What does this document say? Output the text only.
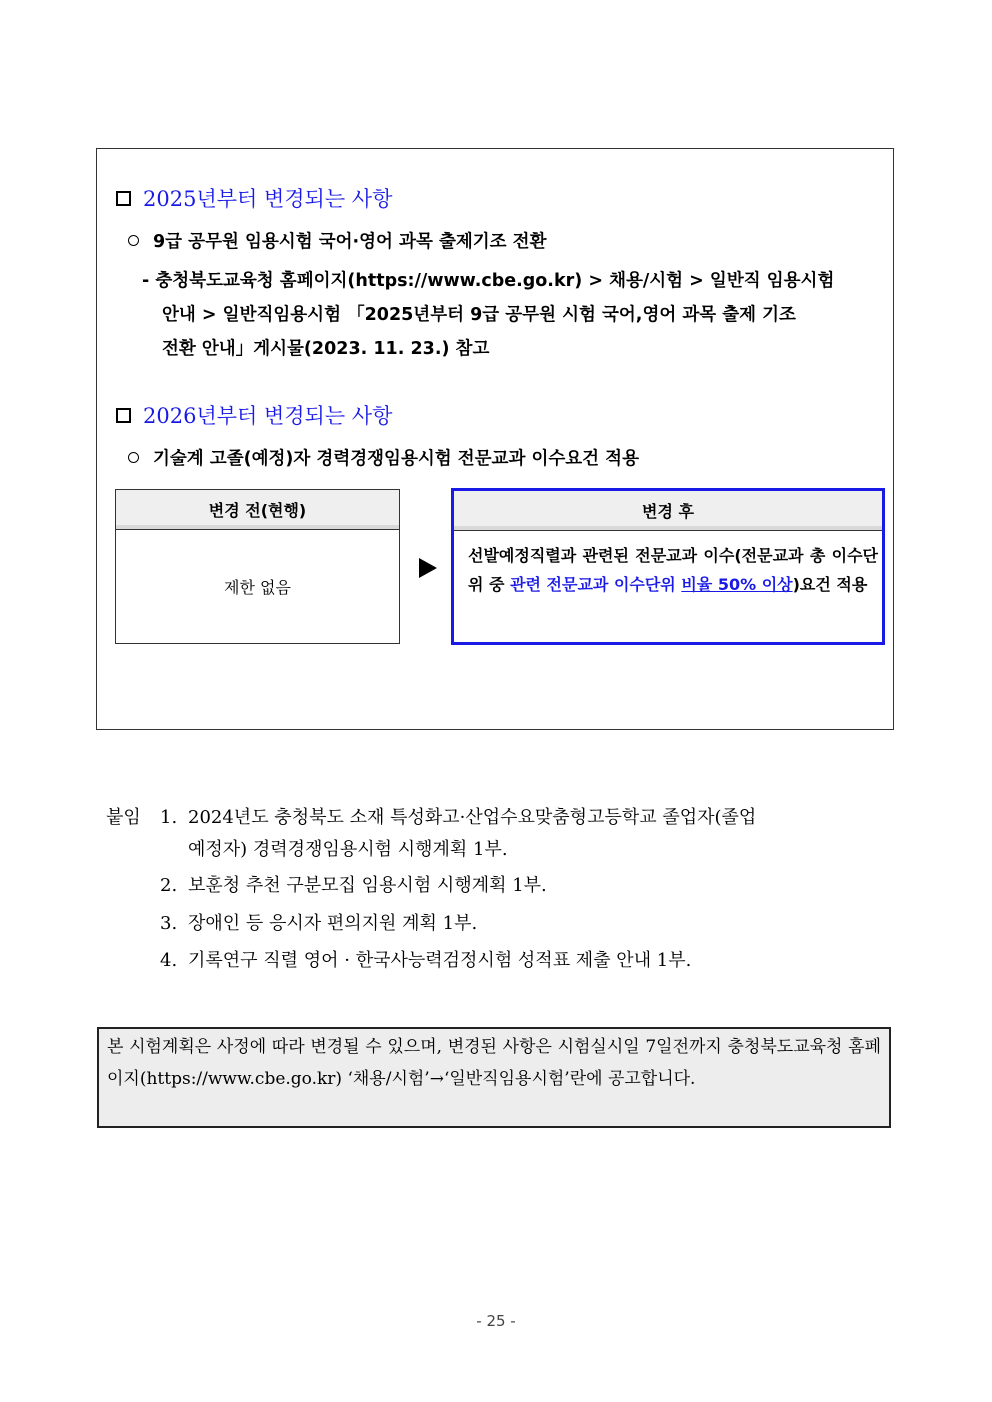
2025년부터 변경되는 사항
9급 공무원 임용시험 국어·영어 과목 출제기조 전환
- 충청북도교육청 홈페이지(https://www.cbe.go.kr) > 채용/시험 > 일반직 임용시험
안내 > 일반직임용시험 「2025년부터 9급 공무원 시험 국어,영어 과목 출제 기조
전환 안내」게시물(2023. 11. 23.) 참고
2026년부터 변경되는 사항
기술계 고졸(예정)자 경력경쟁임용시험 전문교과 이수요건 적용
변경 전(현행)
제한 없음
변경 후
선발예정직렬과 관련된 전문교과 이수(전문교과 총 이수단위 중 관련 전문교과 이수단위 비율 50% 이상)요건 적용
붙임 1. 2024년도 충청북도 소재 특성화고·산업수요맞춤형고등학교 졸업자(졸업
예정자) 경력경쟁임용시험 시행계획 1부.
2. 보훈청 추천 구분모집 임용시험 시행계획 1부.
3. 장애인 등 응시자 편의지원 계획 1부.
4. 기록연구 직렬 영어 · 한국사능력검정시험 성적표 제출 안내 1부.
본 시험계획은 사정에 따라 변경될 수 있으며, 변경된 사항은 시험실시일 7일전까지 충청북도교육청 홈페이지(https://www.cbe.go.kr) ‘채용/시험’→‘일반직임용시험’란에 공고합니다.
- 25 -
